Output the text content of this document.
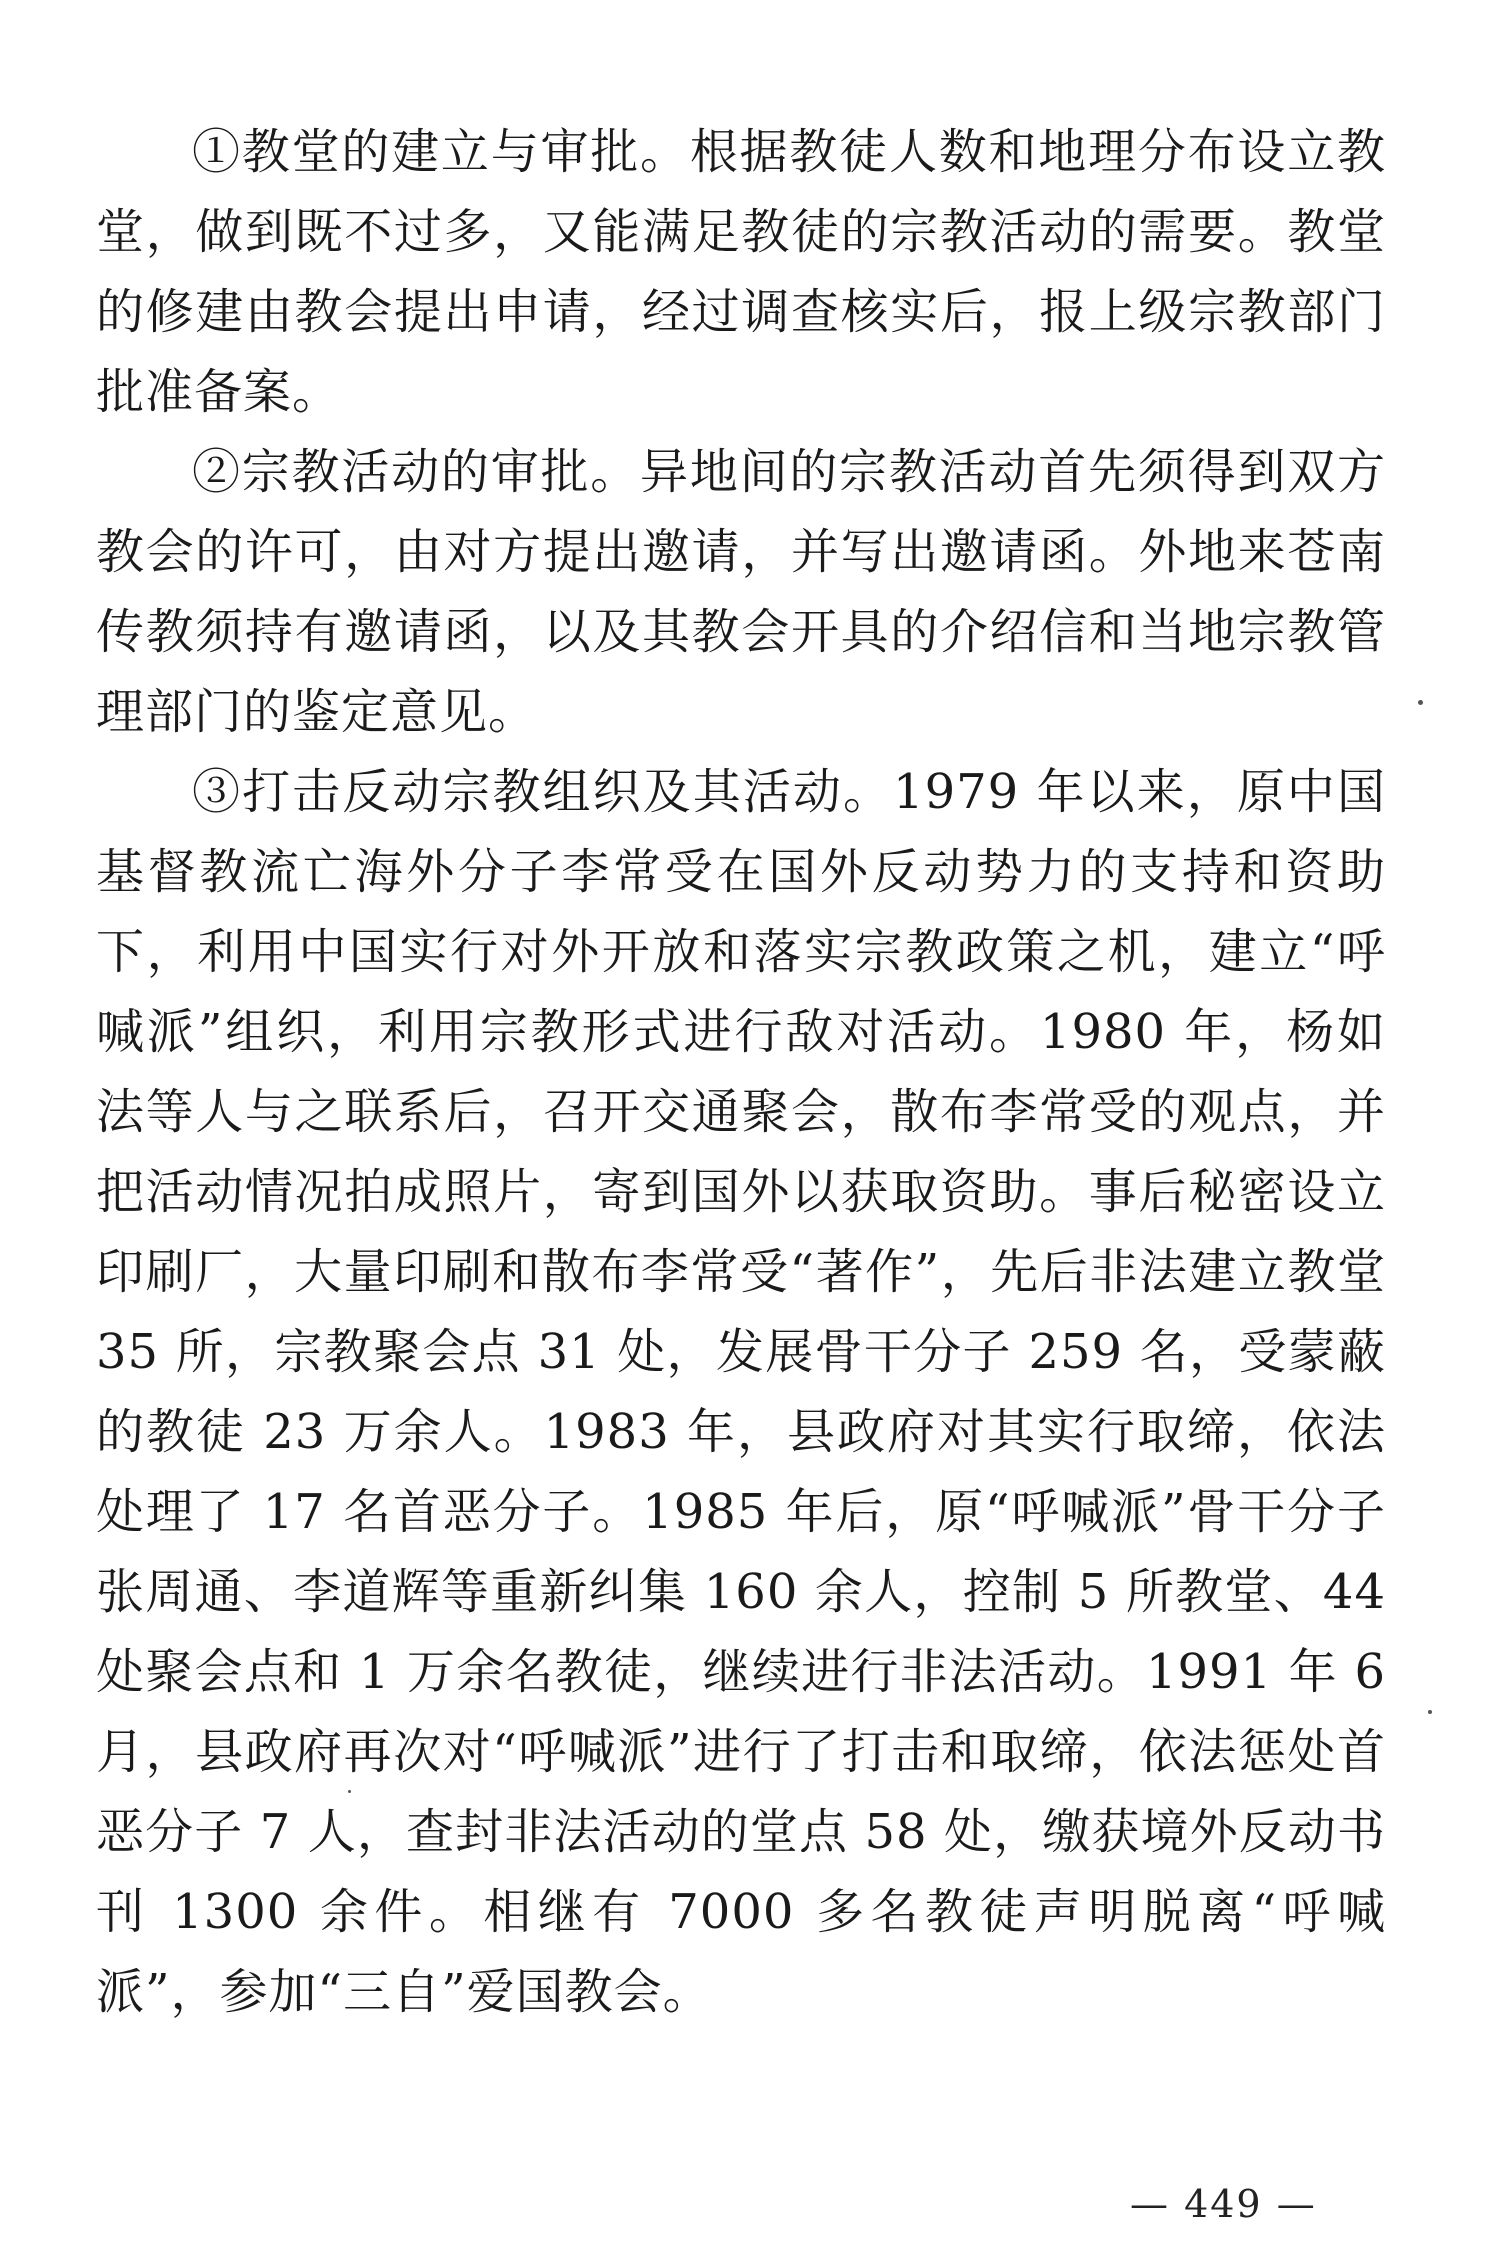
①教堂的建立与审批。根据教徒人数和地理分布设立教堂，做到既不过多，又能满足教徒的宗教活动的需要。教堂的修建由教会提出申请，经过调查核实后，报上级宗教部门批准备案。

②宗教活动的审批。异地间的宗教活动首先须得到双方教会的许可，由对方提出邀请，并写出邀请函。外地来苍南传教须持有邀请函，以及其教会开具的介绍信和当地宗教管理部门的鉴定意见。

③打击反动宗教组织及其活动。1979 年以来，原中国基督教流亡海外分子李常受在国外反动势力的支持和资助下，利用中国实行对外开放和落实宗教政策之机，建立“呼喊派”组织，利用宗教形式进行敌对活动。1980 年，杨如法等人与之联系后，召开交通聚会，散布李常受的观点，并把活动情况拍成照片，寄到国外以获取资助。事后秘密设立印刷厂，大量印刷和散布李常受“著作”，先后非法建立教堂 35 所，宗教聚会点 31 处，发展骨干分子 259 名，受蒙蔽的教徒 23 万余人。1983 年，县政府对其实行取缔，依法处理了 17 名首恶分子。1985 年后，原“呼喊派”骨干分子张周通、李道辉等重新纠集 160 余人，控制 5 所教堂、44 处聚会点和 1 万余名教徒，继续进行非法活动。1991 年 6 月，县政府再次对“呼喊派”进行了打击和取缔，依法惩处首恶分子 7 人，查封非法活动的堂点 58 处，缴获境外反动书刊 1300 余件。相继有 7000 多名教徒声明脱离“呼喊派”，参加“三自”爱国教会。

— 449 —
